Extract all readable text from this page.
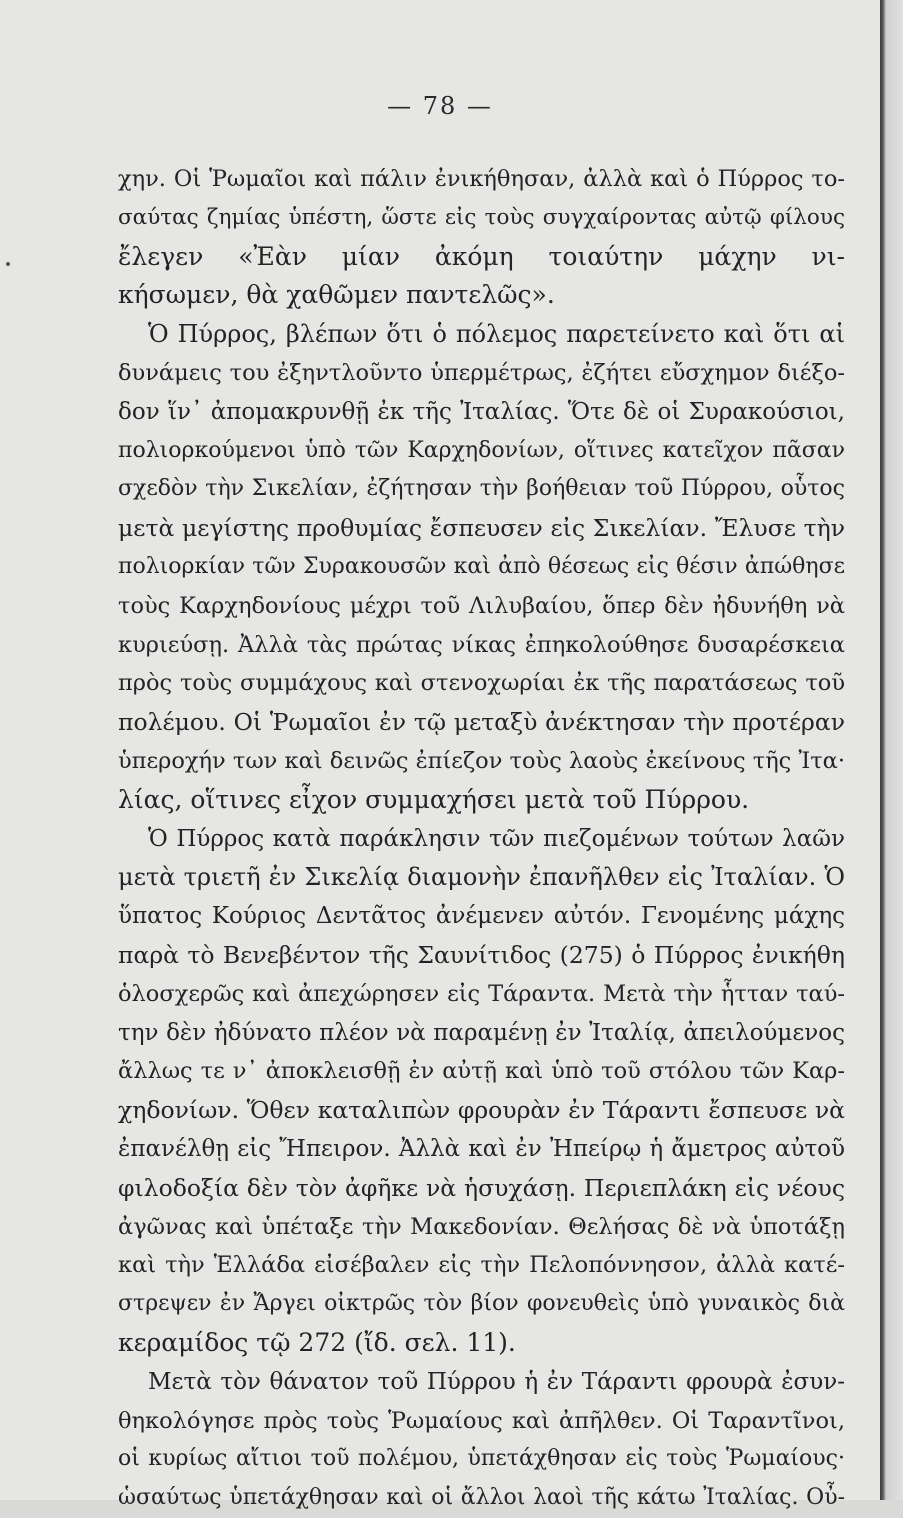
— 78 —
χην. Οἱ Ῥωμαῖοι καὶ πάλιν ἐνικήθησαν, ἀλλὰ καὶ ὁ Πύρρος το-
σαύτας ζημίας ὑπέστη, ὥστε εἰς τοὺς συγχαίροντας αὐτῷ φίλους
ἔλεγεν «Ἐὰν μίαν ἀκόμη τοιαύτην μάχην νι-
κήσωμεν, θὰ χαθῶμεν παντελῶς».
Ὁ Πύρρος, βλέπων ὅτι ὁ πόλεμος παρετείνετο καὶ ὅτι αἱ
δυνάμεις του ἐξηντλοῦντο ὑπερμέτρως, ἐζήτει εὔσχημον διέξο-
δον ἵν᾽ ἀπομακρυνθῇ ἐκ τῆς Ἰταλίας. Ὅτε δὲ οἱ Συρακούσιοι,
πολιορκούμενοι ὑπὸ τῶν Καρχηδονίων, οἵτινες κατεῖχον πᾶσαν
σχεδὸν τὴν Σικελίαν, ἐζήτησαν τὴν βοήθειαν τοῦ Πύρρου, οὗτος
μετὰ μεγίστης προθυμίας ἔσπευσεν εἰς Σικελίαν. Ἔλυσε τὴν
πολιορκίαν τῶν Συρακουσῶν καὶ ἀπὸ θέσεως εἰς θέσιν ἀπώθησε
τοὺς Καρχηδονίους μέχρι τοῦ Λιλυβαίου, ὅπερ δὲν ἠδυνήθη νὰ
κυριεύσῃ. Ἀλλὰ τὰς πρώτας νίκας ἐπηκολούθησε δυσαρέσκεια
πρὸς τοὺς συμμάχους καὶ στενοχωρίαι ἐκ τῆς παρατάσεως τοῦ
πολέμου. Οἱ Ῥωμαῖοι ἐν τῷ μεταξὺ ἀνέκτησαν τὴν προτέραν
ὑπεροχήν των καὶ δεινῶς ἐπίεζον τοὺς λαοὺς ἐκείνους τῆς Ἰτα·
λίας, οἵτινες εἶχον συμμαχήσει μετὰ τοῦ Πύρρου.
Ὁ Πύρρος κατὰ παράκλησιν τῶν πιεζομένων τούτων λαῶν
μετὰ τριετῆ ἐν Σικελίᾳ διαμονὴν ἐπανῆλθεν εἰς Ἰταλίαν. Ὁ
ὕπατος Κούριος Δεντᾶτος ἀνέμενεν αὐτόν. Γενομένης μάχης
παρὰ τὸ Βενεβέντον τῆς Σαυνίτιδος (275) ὁ Πύρρος ἐνικήθη
ὁλοσχερῶς καὶ ἀπεχώρησεν εἰς Τάραντα. Μετὰ τὴν ἧτταν ταύ-
την δὲν ἠδύνατο πλέον νὰ παραμένῃ ἐν Ἰταλίᾳ, ἀπειλούμενος
ἄλλως τε ν᾽ ἀποκλεισθῇ ἐν αὐτῇ καὶ ὑπὸ τοῦ στόλου τῶν Καρ-
χηδονίων. Ὅθεν καταλιπὼν φρουρὰν ἐν Τάραντι ἔσπευσε νὰ
ἐπανέλθῃ εἰς Ἤπειρον. Ἀλλὰ καὶ ἐν Ἠπείρῳ ἡ ἄμετρος αὐτοῦ
φιλοδοξία δὲν τὸν ἀφῆκε νὰ ἡσυχάσῃ. Περιεπλάκη εἰς νέους
ἀγῶνας καὶ ὑπέταξε τὴν Μακεδονίαν. Θελήσας δὲ νὰ ὑποτάξῃ
καὶ τὴν Ἑλλάδα εἰσέβαλεν εἰς τὴν Πελοπόννησον, ἀλλὰ κατέ-
στρεψεν ἐν Ἄργει οἰκτρῶς τὸν βίον φονευθεὶς ὑπὸ γυναικὸς διὰ
κεραμίδος τῷ 272 (ἴδ. σελ. 11).
Μετὰ τὸν θάνατον τοῦ Πύρρου ἡ ἐν Τάραντι φρουρὰ ἐσυν-
θηκολόγησε πρὸς τοὺς Ῥωμαίους καὶ ἀπῆλθεν. Οἱ Ταραντῖνοι,
οἱ κυρίως αἴτιοι τοῦ πολέμου, ὑπετάχθησαν εἰς τοὺς Ῥωμαίους·
ὡσαύτως ὑπετάχθησαν καὶ οἱ ἄλλοι λαοὶ τῆς κάτω Ἰταλίας. Οὖ-
